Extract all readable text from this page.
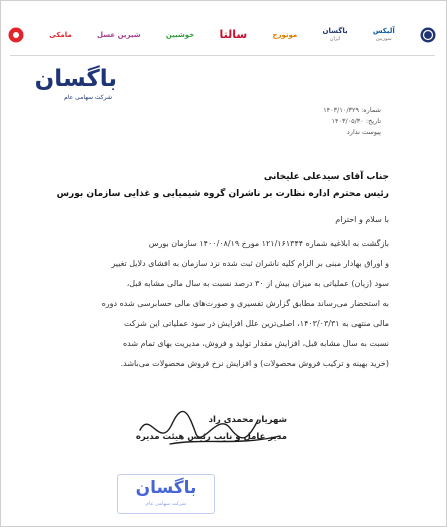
مامکی	شیرین عسل	خوشبین سالتا	موتورج	باگسان
ایران
آلیکس
سوربین
باگسان
شرکت سهامی عام
شماره: ۱۴۰۳/۱۰/۳۲۹
تاریخ: ۱۴۰۳/۰۵/۳۰
پیوست ندارد
جناب آقای سیدعلی علیخانی
رئیس محترم اداره نظارت بر ناشران گروه شیمیایی و غذایی سازمان بورس
با سلام و احترام
بازگشت به ابلاغیه شماره ۱۲۱/۱۶۱۳۴۴ مورخ ۱۴۰۰/۰۸/۱۹ سازمان بورس
و اوراق بهادار مبنی بر الزام کلیه ناشران ثبت شده نزد سازمان به افشای دلایل تغییر
سود (زیان) عملیاتی به میزان بیش از ۳۰ درصد نسبت به سال مالی مشابه قبل،
به استحضار می‌رساند مطابق گزارش تفسیری و صورت‌های مالی حسابرسی شده دوره
مالی منتهی به ۱۴۰۳/۰۳/۳۱، اصلی‌ترین علل افزایش در سود عملیاتی این شرکت
نسبت به سال مشابه قبل، افزایش مقدار تولید و فروش، مدیریت بهای تمام شده
(خرید بهینه و ترکیب فروش محصولات) و افزایش نرخ فروش محصولات می‌باشد.
شهریار محمدی راد
مدیر عامل و نایب رئیس هیئت مدیره
باگسان
شرکت سهامی عام
